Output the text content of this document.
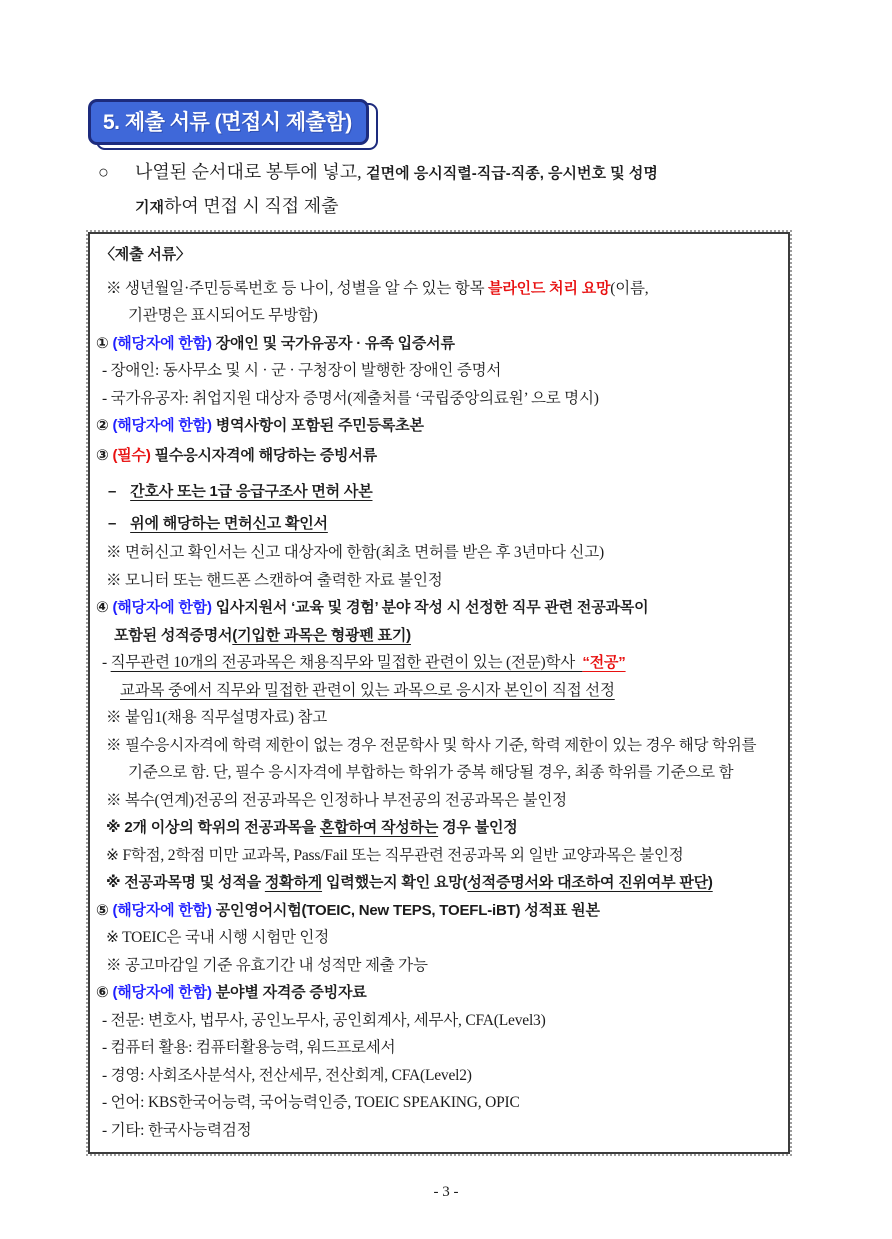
5. 제출 서류 (면접시 제출함)
○	나열된 순서대로 봉투에 넣고, 겉면에 응시직렬-직급-직종, 응시번호 및 성명
기재하여 면접 시 직접 제출
〈제출 서류〉
※ 생년월일·주민등록번호 등 나이, 성별을 알 수 있는 항목 블라인드 처리 요망(이름,
기관명은 표시되어도 무방함)
① (해당자에 한함) 장애인 및 국가유공자 · 유족 입증서류
- 장애인: 동사무소 및 시 · 군 · 구청장이 발행한 장애인 증명서
- 국가유공자: 취업지원 대상자 증명서(제출처를 ‘국립중앙의료원’ 으로 명시)
② (해당자에 한함) 병역사항이 포함된 주민등록초본
③ (필수) 필수응시자격에 해당하는 증빙서류
– 간호사 또는 1급 응급구조사 면허 사본
– 위에 해당하는 면허신고 확인서
※ 면허신고 확인서는 신고 대상자에 한함(최초 면허를 받은 후 3년마다 신고)
※ 모니터 또는 핸드폰 스캔하여 출력한 자료 불인정
④ (해당자에 한함) 입사지원서 ‘교육 및 경험’ 분야 작성 시 선정한 직무 관련 전공과목이
포함된 성적증명서(기입한 과목은 형광펜 표기)
- 직무관련 10개의 전공과목은 채용직무와 밀접한 관련이 있는 (전문)학사  “전공”
교과목 중에서 직무와 밀접한 관련이 있는 과목으로 응시자 본인이 직접 선정
※ 붙임1(채용 직무설명자료) 참고
※ 필수응시자격에 학력 제한이 없는 경우 전문학사 및 학사 기준, 학력 제한이 있는 경우 해당 학위를
기준으로 함. 단, 필수 응시자격에 부합하는 학위가 중복 해당될 경우, 최종 학위를 기준으로 함
※ 복수(연계)전공의 전공과목은 인정하나 부전공의 전공과목은 불인정
※ 2개 이상의 학위의 전공과목을 혼합하여 작성하는 경우 불인정
※ F학점, 2학점 미만 교과목, Pass/Fail 또는 직무관련 전공과목 외 일반 교양과목은 불인정
※ 전공과목명 및 성적을 정확하게 입력했는지 확인 요망(성적증명서와 대조하여 진위여부 판단)
⑤ (해당자에 한함) 공인영어시험(TOEIC, New TEPS, TOEFL-iBT) 성적표 원본
※ TOEIC은 국내 시행 시험만 인정
※ 공고마감일 기준 유효기간 내 성적만 제출 가능
⑥ (해당자에 한함) 분야별 자격증 증빙자료
- 전문: 변호사, 법무사, 공인노무사, 공인회계사, 세무사, CFA(Level3)
- 컴퓨터 활용: 컴퓨터활용능력, 워드프로세서
- 경영: 사회조사분석사, 전산세무, 전산회계, CFA(Level2)
- 언어: KBS한국어능력, 국어능력인증, TOEIC SPEAKING, OPIC
- 기타: 한국사능력검정
- 3 -
